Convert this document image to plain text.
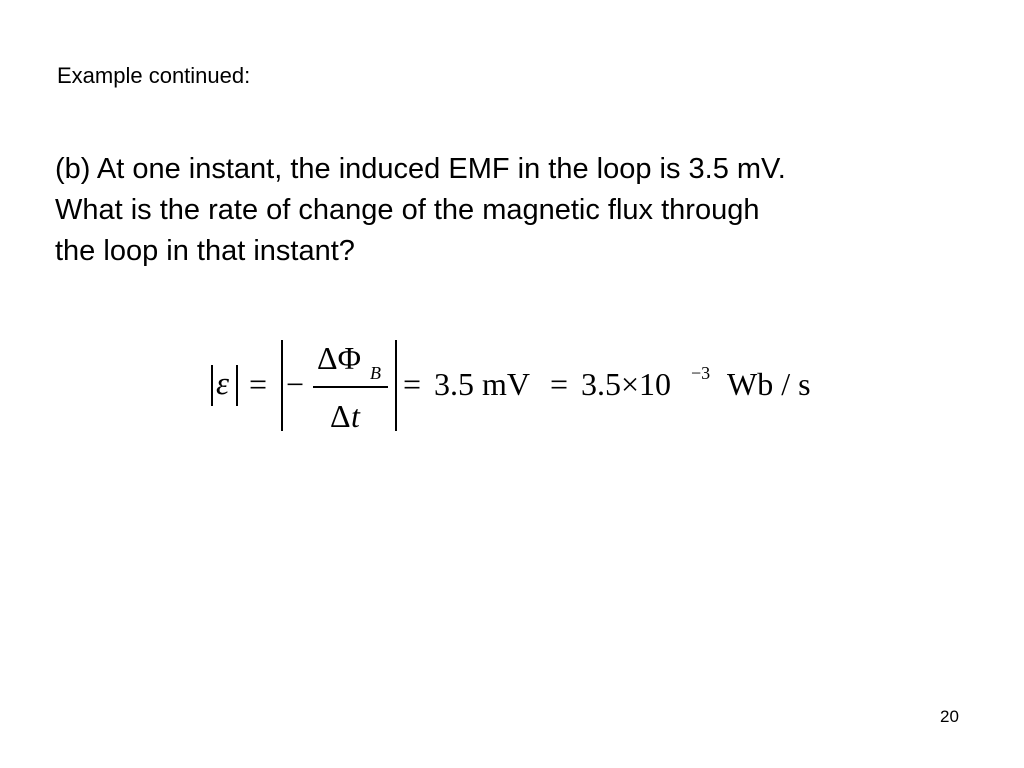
Example continued:
(b) At one instant, the induced EMF in the loop is 3.5 mV.
What is the rate of change of the magnetic flux through
the loop in that instant?
ε = −
ΔΦ B
Δ t
= 3.5 mV = 3.5×10 −3 Wb / s
20
